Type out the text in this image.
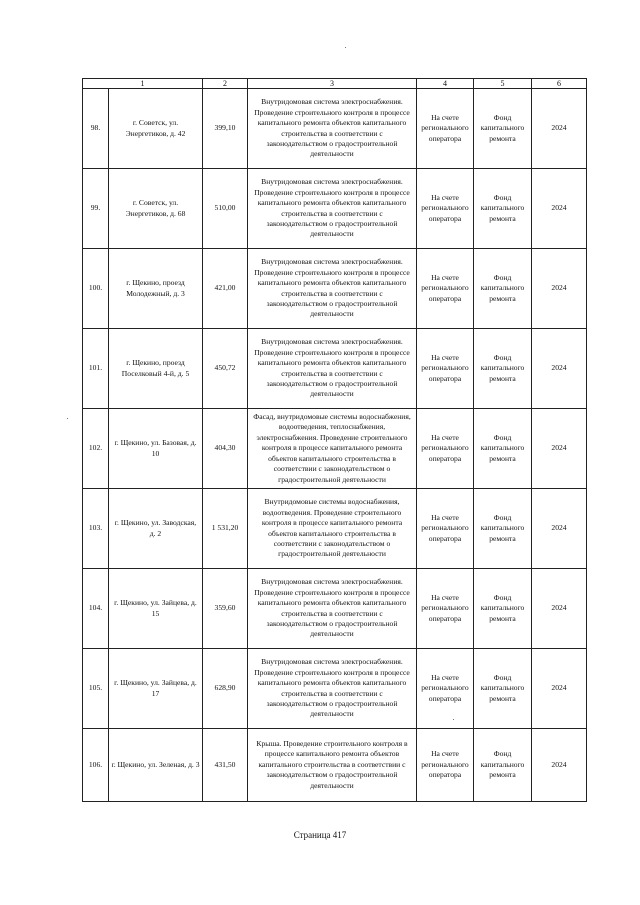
1		2	3	4	5	6
98.	г. Советск, ул. Энергетиков, д. 42	399,10	Внутридомовая система электроснабжения. Проведение строительного контроля в процессе капитального ремонта объектов капитального строительства в соответствии с законодательством о градостроительной деятельности	На счете регионального оператора	Фонд капитального ремонта	2024
99.	г. Советск, ул. Энергетиков, д. 68	510,00	Внутридомовая система электроснабжения. Проведение строительного контроля в процессе капитального ремонта объектов капитального строительства в соответствии с законодательством о градостроительной деятельности	На счете регионального оператора	Фонд капитального ремонта	2024
100.	г. Щекино, проезд Молодежный, д. 3	421,00	Внутридомовая система электроснабжения. Проведение строительного контроля в процессе капитального ремонта объектов капитального строительства в соответствии с законодательством о градостроительной деятельности	На счете регионального оператора	Фонд капитального ремонта	2024
101.	г. Щекино, проезд Поселковый 4-й, д. 5	450,72	Внутридомовая система электроснабжения. Проведение строительного контроля в процессе капитального ремонта объектов капитального строительства в соответствии с законодательством о градостроительной деятельности	На счете регионального оператора	Фонд капитального ремонта	2024
102.	г. Щекино, ул. Базовая, д. 10	404,30	Фасад, внутридомовые системы водоснабжения, водоотведения, теплоснабжения, электроснабжения. Проведение строительного контроля в процессе капитального ремонта объектов капитального строительства в соответствии с законодательством о градостроительной деятельности	На счете регионального оператора	Фонд капитального ремонта	2024
103.	г. Щекино, ул. Заводская, д. 2	1 531,20	Внутридомовые системы водоснабжения, водоотведения. Проведение строительного контроля в процессе капитального ремонта объектов капитального строительства в соответствии с законодательством о градостроительной деятельности	На счете регионального оператора	Фонд капитального ремонта	2024
104.	г. Щекино, ул. Зайцева, д. 15	359,60	Внутридомовая система электроснабжения. Проведение строительного контроля в процессе капитального ремонта объектов капитального строительства в соответствии с законодательством о градостроительной деятельности	На счете регионального оператора	Фонд капитального ремонта	2024
105.	г. Щекино, ул. Зайцева, д. 17	628,90	Внутридомовая система электроснабжения. Проведение строительного контроля в процессе капитального ремонта объектов капитального строительства в соответствии с законодательством о градостроительной деятельности	На счете регионального оператора	Фонд капитального ремонта	2024
106.	г. Щекино, ул. Зеленая, д. 3	431,50	Крыша. Проведение строительного контроля в процессе капитального ремонта объектов капитального строительства в соответствии с законодательством о градостроительной деятельности	На счете регионального оператора	Фонд капитального ремонта	2024
Страница 417
